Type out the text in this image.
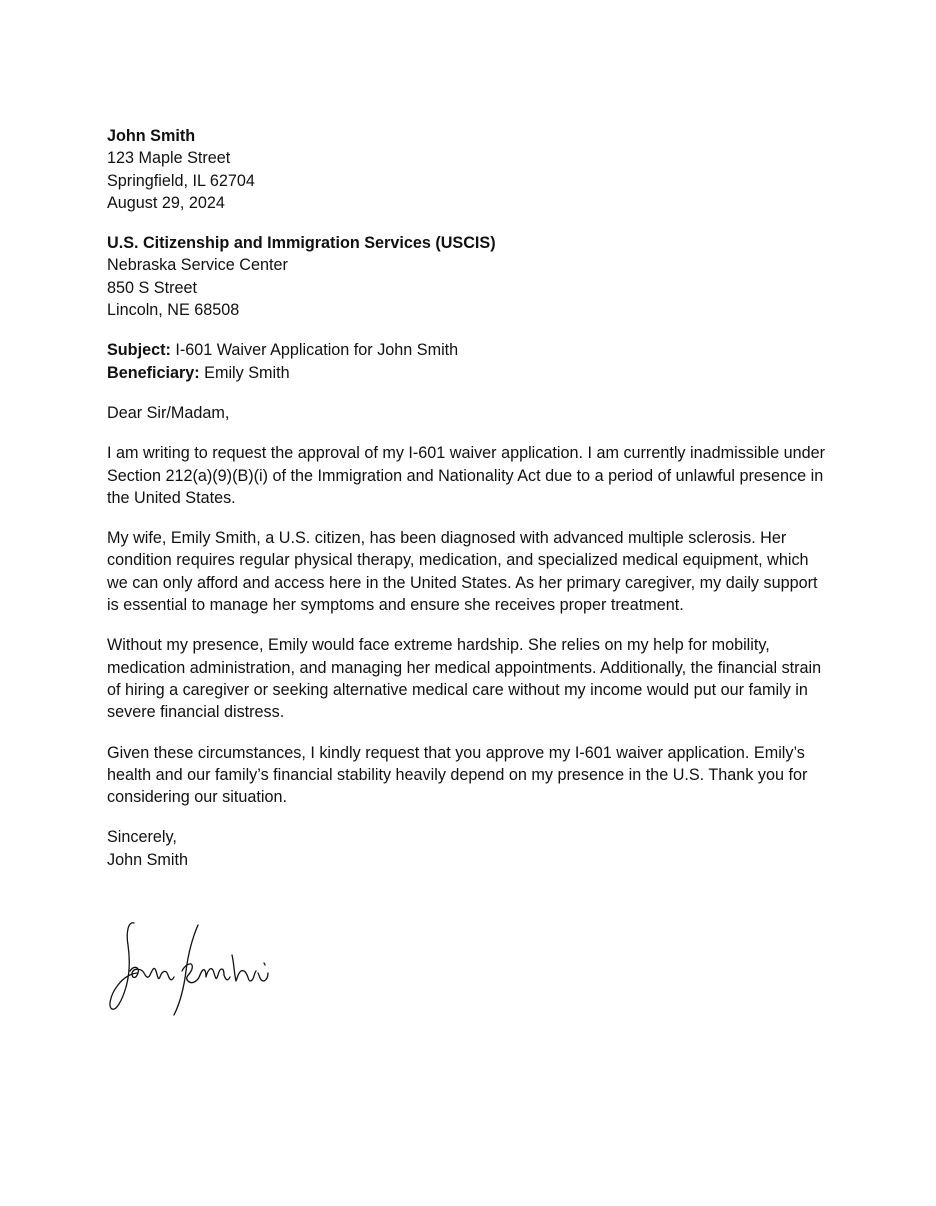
John Smith
123 Maple Street
Springfield, IL 62704
August 29, 2024
U.S. Citizenship and Immigration Services (USCIS)
Nebraska Service Center
850 S Street
Lincoln, NE 68508
Subject: I-601 Waiver Application for John Smith
Beneficiary: Emily Smith
Dear Sir/Madam,

I am writing to request the approval of my I-601 waiver application. I am currently inadmissible under Section 212(a)(9)(B)(i) of the Immigration and Nationality Act due to a period of unlawful presence in the United States.

My wife, Emily Smith, a U.S. citizen, has been diagnosed with advanced multiple sclerosis. Her condition requires regular physical therapy, medication, and specialized medical equipment, which we can only afford and access here in the United States. As her primary caregiver, my daily support is essential to manage her symptoms and ensure she receives proper treatment.

Without my presence, Emily would face extreme hardship. She relies on my help for mobility, medication administration, and managing her medical appointments. Additionally, the financial strain of hiring a caregiver or seeking alternative medical care without my income would put our family in severe financial distress.

Given these circumstances, I kindly request that you approve my I-601 waiver application. Emily’s health and our family’s financial stability heavily depend on my presence in the U.S. Thank you for considering our situation.

Sincerely,
John Smith
